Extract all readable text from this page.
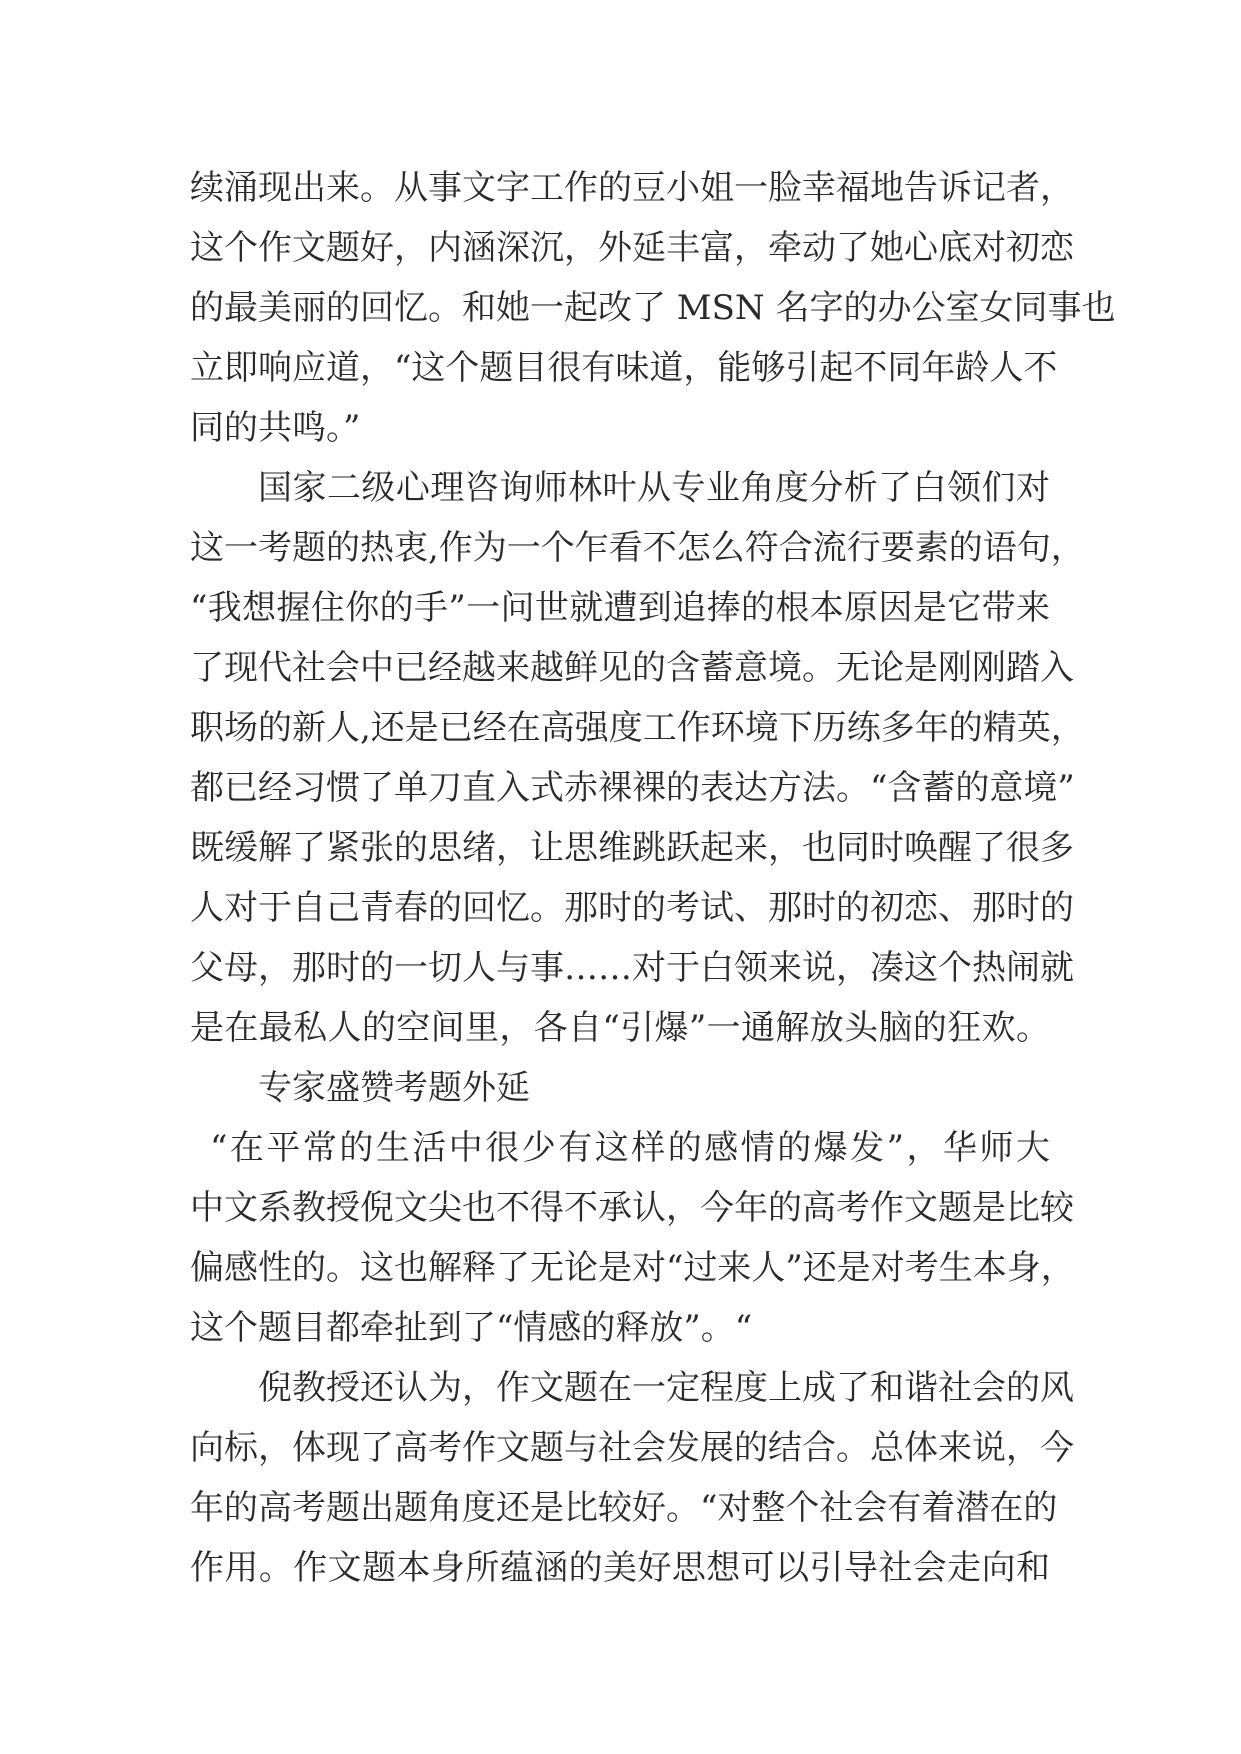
续涌现出来。从事文字工作的豆小姐一脸幸福地告诉记者，
这个作文题好，内涵深沉，外延丰富，牵动了她心底对初恋
的最美丽的回忆。和她一起改了 MSN 名字的办公室女同事也
立即响应道，“这个题目很有味道，能够引起不同年龄人不
同的共鸣。”
国家二级心理咨询师林叶从专业角度分析了白领们对
这一考题的热衷,作为一个乍看不怎么符合流行要素的语句，
“我想握住你的手”一问世就遭到追捧的根本原因是它带来
了现代社会中已经越来越鲜见的含蓄意境。无论是刚刚踏入
职场的新人,还是已经在高强度工作环境下历练多年的精英，
都已经习惯了单刀直入式赤裸裸的表达方法。“含蓄的意境”
既缓解了紧张的思绪，让思维跳跃起来，也同时唤醒了很多
人对于自己青春的回忆。那时的考试、那时的初恋、那时的
父母，那时的一切人与事……对于白领来说，凑这个热闹就
是在最私人的空间里，各自“引爆”一通解放头脑的狂欢。
专家盛赞考题外延
“在平常的生活中很少有这样的感情的爆发”，华师大
中文系教授倪文尖也不得不承认，今年的高考作文题是比较
偏感性的。这也解释了无论是对“过来人”还是对考生本身，
这个题目都牵扯到了“情感的释放”。“
倪教授还认为，作文题在一定程度上成了和谐社会的风
向标，体现了高考作文题与社会发展的结合。总体来说，今
年的高考题出题角度还是比较好。“对整个社会有着潜在的
作用。作文题本身所蕴涵的美好思想可以引导社会走向和
